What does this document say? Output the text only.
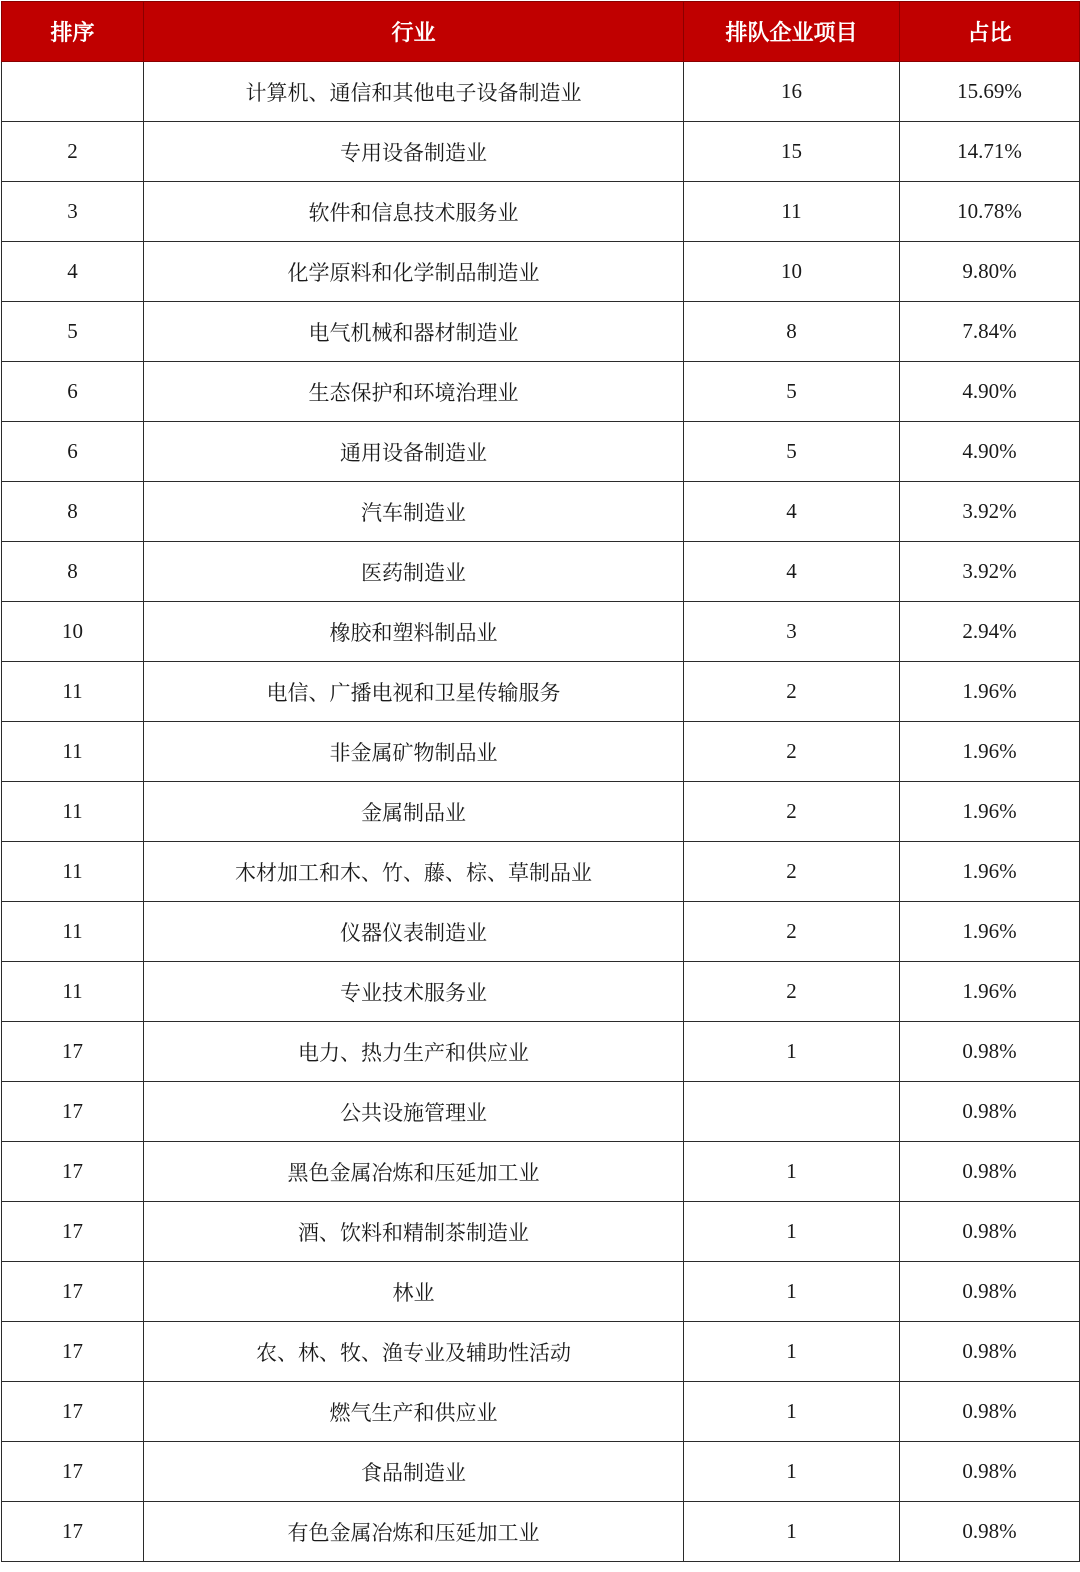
排序	行业	排队企业项目	占比
	计算机、通信和其他电子设备制造业	16	15.69%
2	专用设备制造业	15	14.71%
3	软件和信息技术服务业	11	10.78%
4	化学原料和化学制品制造业	10	9.80%
5	电气机械和器材制造业	8	7.84%
6	生态保护和环境治理业	5	4.90%
6	通用设备制造业	5	4.90%
8	汽车制造业	4	3.92%
8	医药制造业	4	3.92%
10	橡胶和塑料制品业	3	2.94%
11	电信、广播电视和卫星传输服务	2	1.96%
11	非金属矿物制品业	2	1.96%
11	金属制品业	2	1.96%
11	木材加工和木、竹、藤、棕、草制品业	2	1.96%
11	仪器仪表制造业	2	1.96%
11	专业技术服务业	2	1.96%
17	电力、热力生产和供应业	1	0.98%
17	公共设施管理业		0.98%
17	黑色金属冶炼和压延加工业	1	0.98%
17	酒、饮料和精制茶制造业	1	0.98%
17	林业	1	0.98%
17	农、林、牧、渔专业及辅助性活动	1	0.98%
17	燃气生产和供应业	1	0.98%
17	食品制造业	1	0.98%
17	有色金属冶炼和压延加工业	1	0.98%
